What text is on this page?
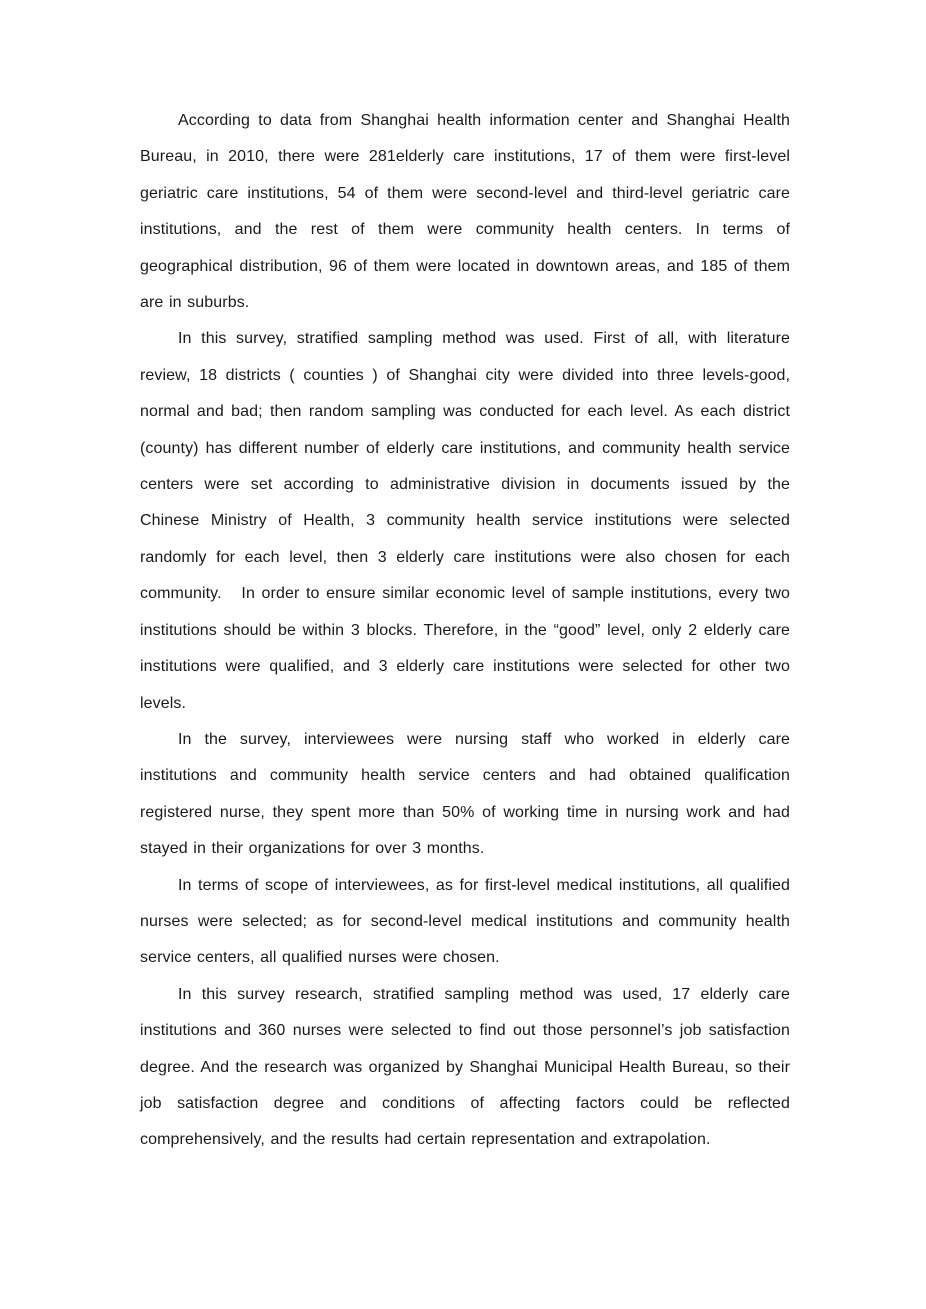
According to data from Shanghai health information center and Shanghai Health Bureau, in 2010, there were 281elderly care institutions, 17 of them were first-level geriatric care institutions, 54 of them were second-level and third-level geriatric care institutions, and the rest of them were community health centers. In terms of geographical distribution, 96 of them were located in downtown areas, and 185 of them are in suburbs.

In this survey, stratified sampling method was used. First of all, with literature review, 18 districts ( counties ) of Shanghai city were divided into three levels-good, normal and bad; then random sampling was conducted for each level. As each district (county) has different number of elderly care institutions, and community health service centers were set according to administrative division in documents issued by the Chinese Ministry of Health, 3 community health service institutions were selected randomly for each level, then 3 elderly care institutions were also chosen for each community.   In order to ensure similar economic level of sample institutions, every two institutions should be within 3 blocks. Therefore, in the “good” level, only 2 elderly care institutions were qualified, and 3 elderly care institutions were selected for other two levels.

In the survey, interviewees were nursing staff who worked in elderly care institutions and community health service centers and had obtained qualification registered nurse, they spent more than 50% of working time in nursing work and had stayed in their organizations for over 3 months.

In terms of scope of interviewees, as for first-level medical institutions, all qualified nurses were selected; as for second-level medical institutions and community health service centers, all qualified nurses were chosen.

In this survey research, stratified sampling method was used, 17 elderly care institutions and 360 nurses were selected to find out those personnel’s job satisfaction degree. And the research was organized by Shanghai Municipal Health Bureau, so their job satisfaction degree and conditions of affecting factors could be reflected comprehensively, and the results had certain representation and extrapolation.
